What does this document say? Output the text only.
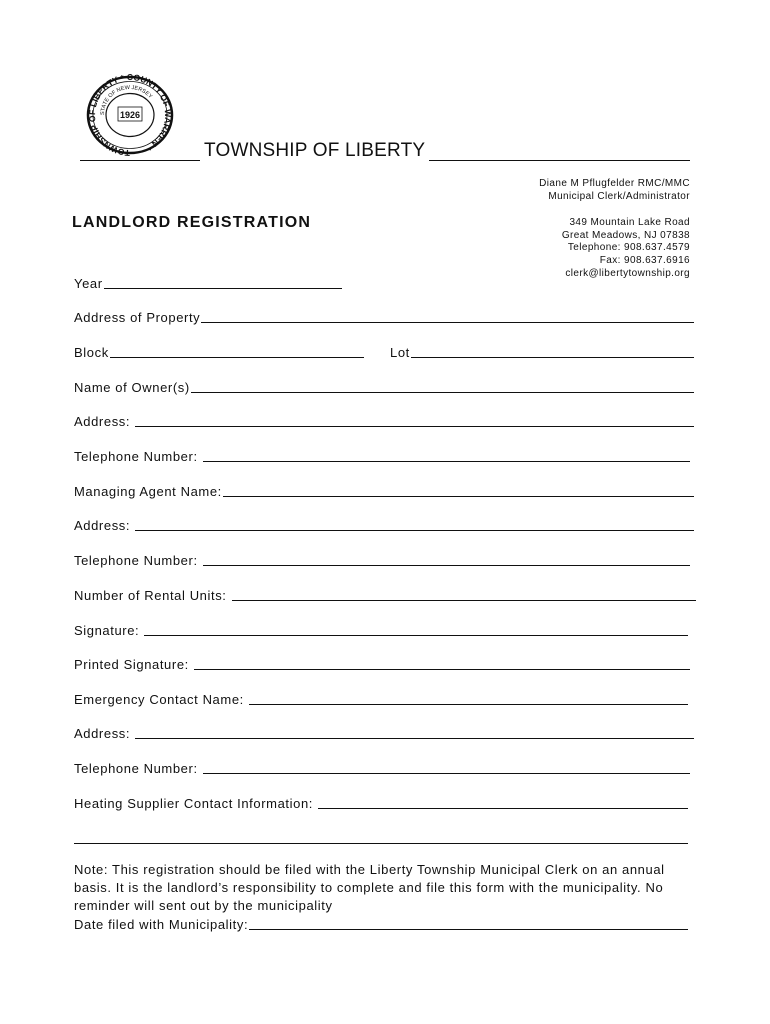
TOWNSHIP OF LIBERTY * COUNTY OF WARREN *
STATE OF NEW JERSEY
1926
TOWNSHIP OF LIBERTY
Diane M Pflugfelder RMC/MMC
Municipal Clerk/Administrator
349 Mountain Lake Road
Great Meadows, NJ 07838
Telephone: 908.637.4579
Fax: 908.637.6916
clerk@libertytownship.org
LANDLORD REGISTRATION
Year
Address of Property
Block	Lot
Name of Owner(s)
Address:
Telephone Number:
Managing Agent Name:
Address:
Telephone Number:
Number of Rental Units:
Signature:
Printed Signature:
Emergency Contact Name:
Address:
Telephone Number:
Heating Supplier Contact Information:

Note: This registration should be filed with the Liberty Township Municipal Clerk on an annual basis. It is the landlord’s responsibility to complete and file this form with the municipality. No reminder will sent out by the municipality

Date filed with Municipality:
